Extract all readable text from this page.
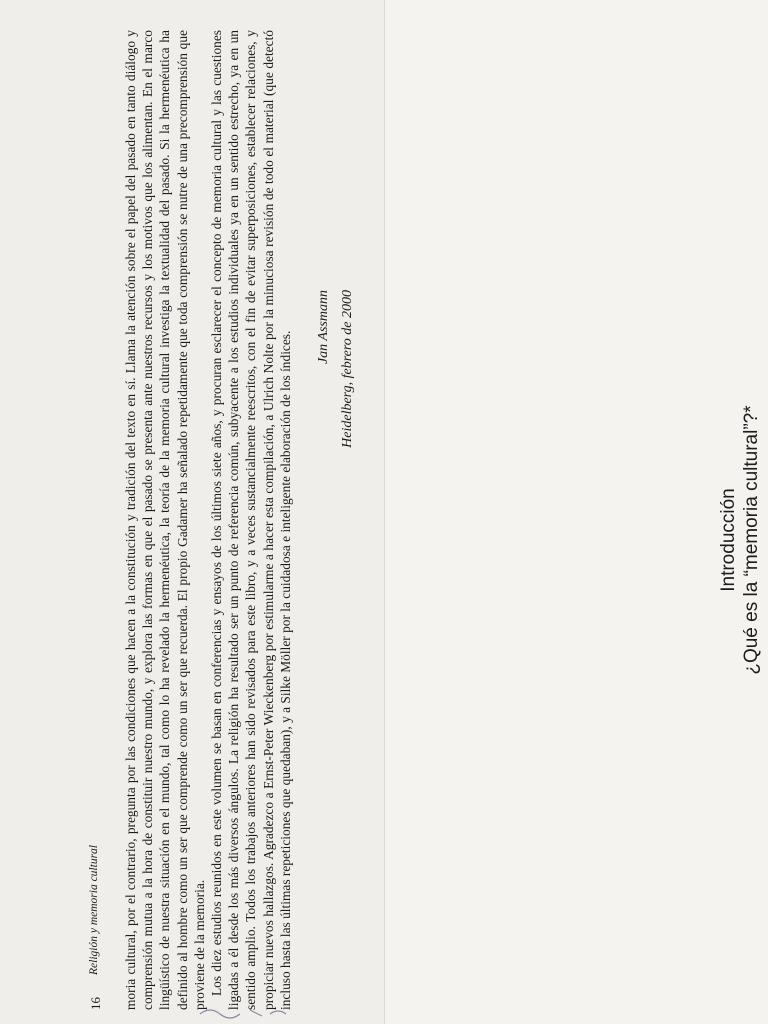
16
Religión y memoria cultural moria cultural, por el contrario, pregunta por las condiciones que hacen a la constitución y tradición del texto en sí. Llama la atención sobre el papel del pasado en tanto diálogo y comprensión mutua a la hora de constituir nuestro mundo, y explora las formas en que el pasado se presenta ante nuestros recursos y los motivos que los alimentan. En el marco lingüístico de nuestra situación en el mundo, tal como lo ha revelado la hermenéutica, la teoría de la memoria cultural investiga la textualidad del pasado. Si la hermenéutica ha definido al hombre como un ser que comprende como un ser que recuerda. El propio Gadamer ha señalado repetidamente que toda comprensión se nutre de una precomprensión que proviene de la memoria. Los diez estudios reunidos en este volumen se basan en conferencias y ensayos de los últimos siete años, y procuran esclarecer el concepto de memoria cultural y las cuestiones ligadas a él desde los más diversos ángulos. La religión ha resultado ser un punto de referencia común, subyacente a los estudios individuales ya en un sentido estrecho, ya en un sentido amplio. Todos los trabajos anteriores han sido revisados para este libro, y a veces sustancialmente reescritos, con el fin de evitar superposiciones, establecer relaciones, y propiciar nuevos hallazgos. Agradezco a Ernst-Peter Wieckenberg por estimularme a hacer esta compilación, a Ulrich Nolte por la minuciosa revisión de todo el material (que detectó incluso hasta las últimas repeticiones que quedaban), y a Silke Möller por la cuidadosa e inteligente elaboración de los índices.

Jan Assmann Heidelberg, febrero de 2000
Introducción ¿Qué es la “memoria cultural”?*
